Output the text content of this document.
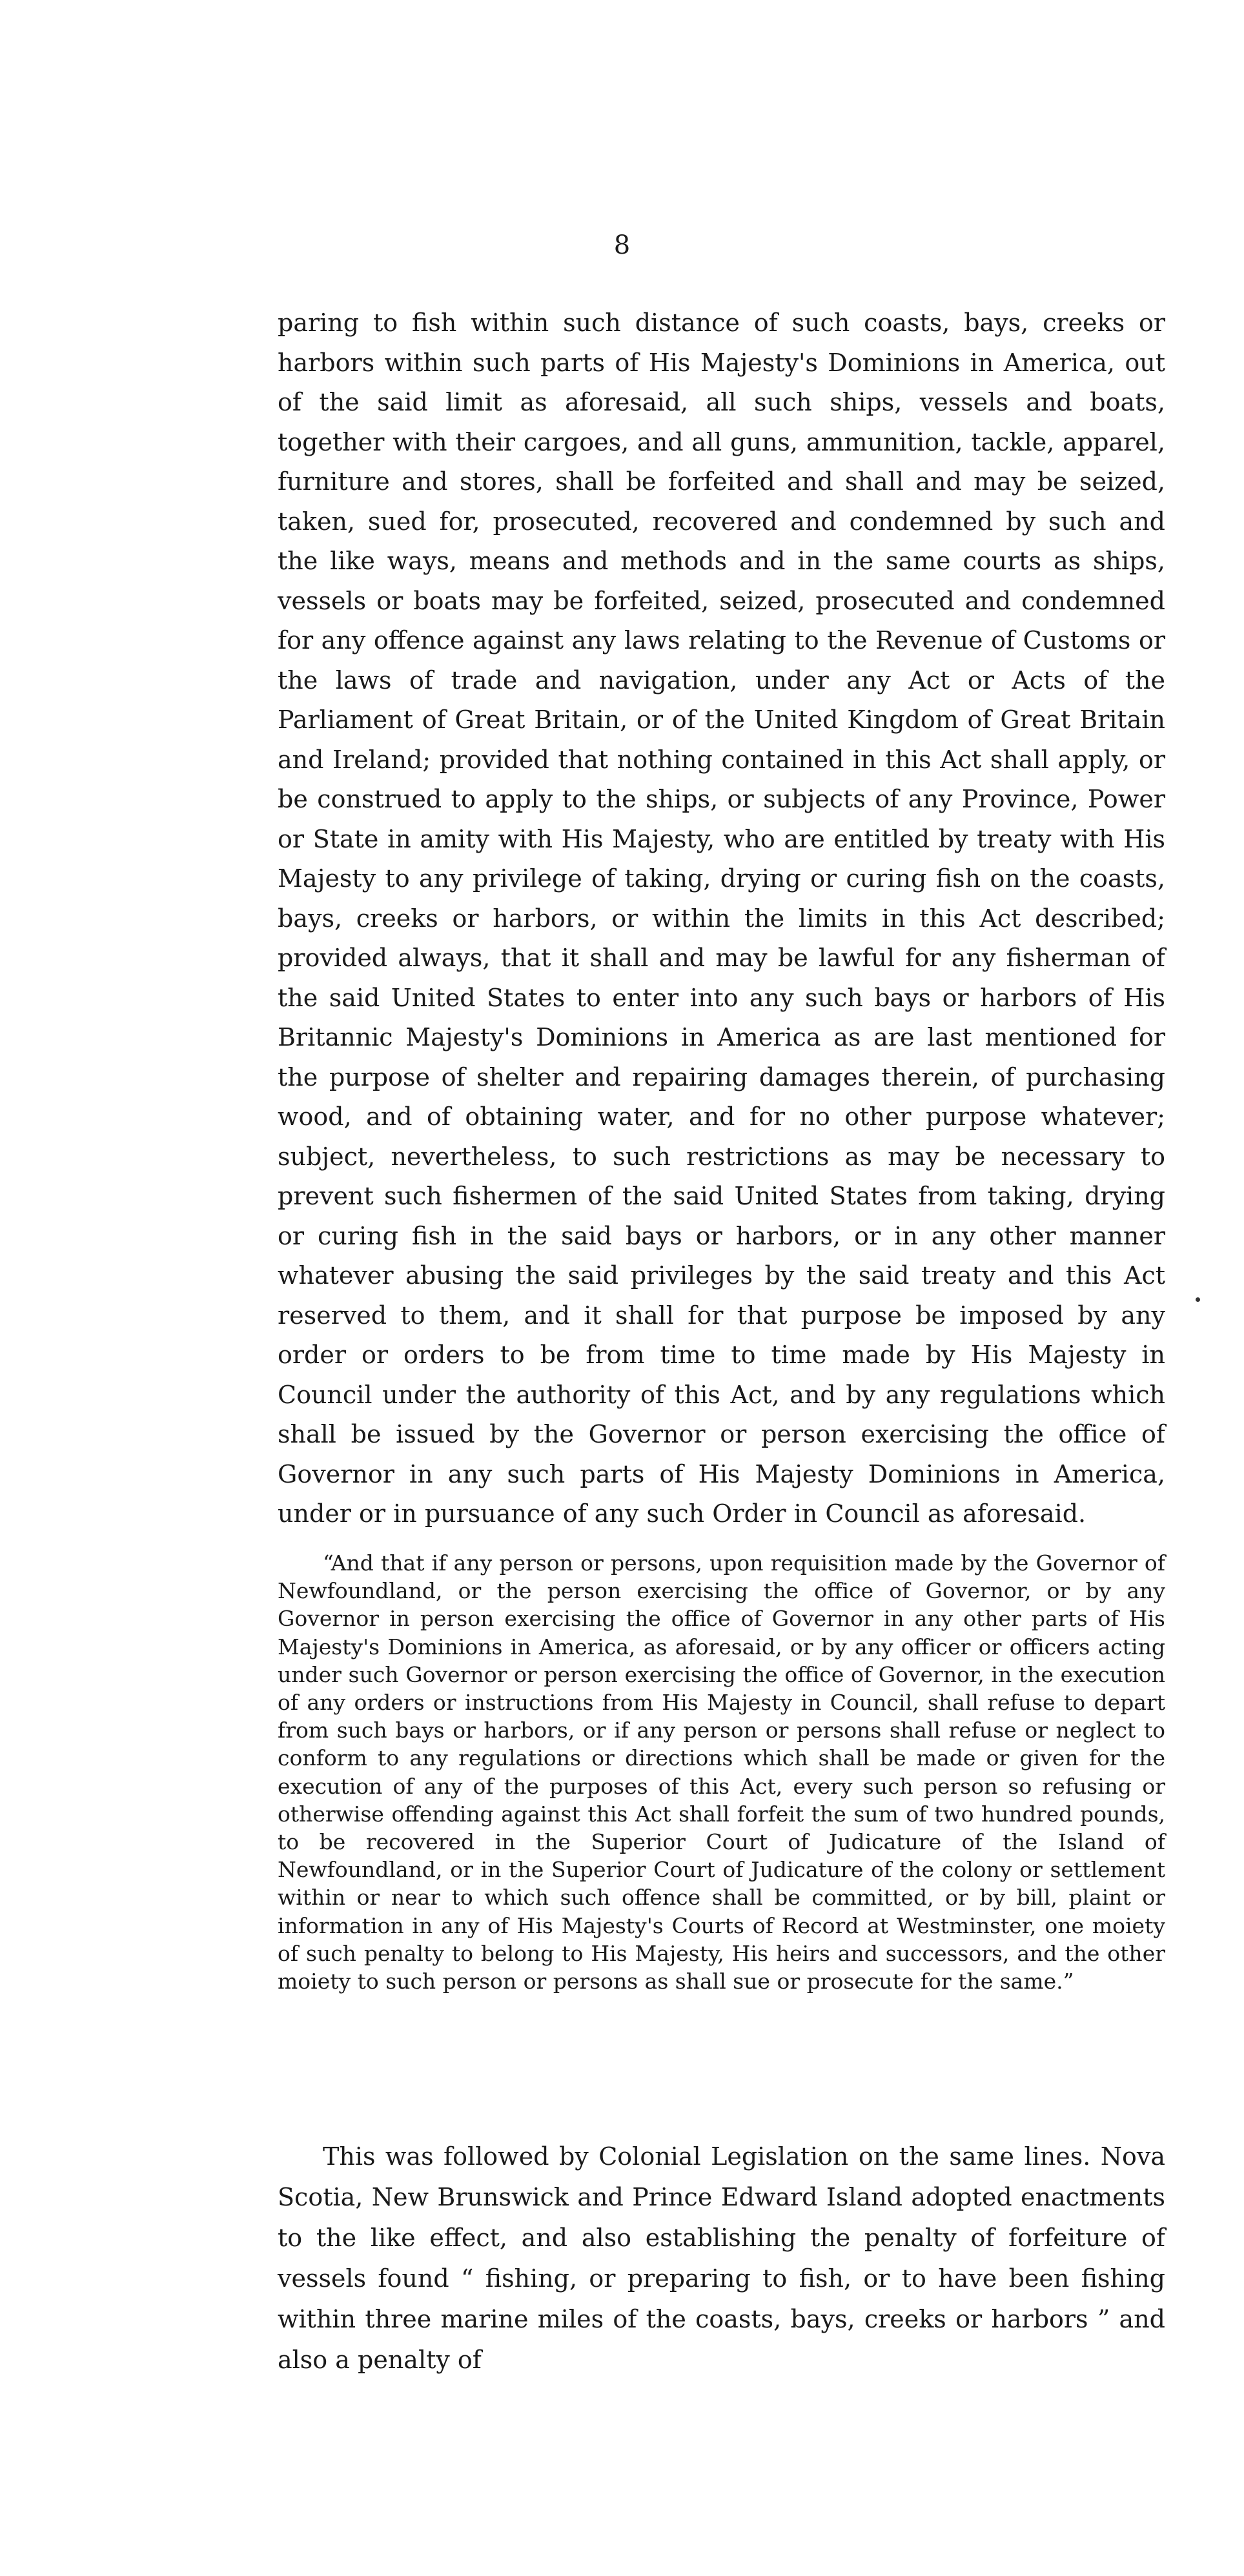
8

paring to fish within such distance of such coasts, bays, creeks or harbors within such parts of His Majesty's Dominions in America, out of the said limit as aforesaid, all such ships, vessels and boats, together with their cargoes, and all guns, ammunition, tackle, apparel, furniture and stores, shall be forfeited and shall and may be seized, taken, sued for, prosecuted, recovered and condemned by such and the like ways, means and methods and in the same courts as ships, vessels or boats may be forfeited, seized, prosecuted and condemned for any offence against any laws relating to the Revenue of Customs or the laws of trade and navigation, under any Act or Acts of the Parliament of Great Britain, or of the United Kingdom of Great Britain and Ireland; provided that nothing contained in this Act shall apply, or be construed to apply to the ships, or subjects of any Province, Power or State in amity with His Majesty, who are entitled by treaty with His Majesty to any privilege of taking, drying or curing fish on the coasts, bays, creeks or harbors, or within the limits in this Act described; provided always, that it shall and may be lawful for any fisherman of the said United States to enter into any such bays or harbors of His Britannic Majesty's Dominions in America as are last mentioned for the purpose of shelter and repairing damages therein, of purchasing wood, and of obtaining water, and for no other purpose whatever; subject, nevertheless, to such restrictions as may be necessary to prevent such fishermen of the said United States from taking, drying or curing fish in the said bays or harbors, or in any other manner whatever abusing the said privileges by the said treaty and this Act reserved to them, and it shall for that purpose be imposed by any order or orders to be from time to time made by His Majesty in Council under the authority of this Act, and by any regulations which shall be issued by the Governor or person exercising the office of Governor in any such parts of His Majesty Dominions in America, under or in pursuance of any such Order in Council as aforesaid.

“And that if any person or persons, upon requisition made by the Governor of Newfoundland, or the person exercising the office of Governor, or by any Governor in person exercising the office of Governor in any other parts of His Majesty's Dominions in America, as aforesaid, or by any officer or officers acting under such Governor or person exercising the office of Governor, in the execution of any orders or instructions from His Majesty in Council, shall refuse to depart from such bays or harbors, or if any person or persons shall refuse or neglect to conform to any regulations or directions which shall be made or given for the execution of any of the purposes of this Act, every such person so refusing or otherwise offending against this Act shall forfeit the sum of two hundred pounds, to be recovered in the Superior Court of Judicature of the Island of Newfoundland, or in the Superior Court of Judicature of the colony or settlement within or near to which such offence shall be committed, or by bill, plaint or information in any of His Majesty's Courts of Record at Westminster, one moiety of such penalty to belong to His Majesty, His heirs and successors, and the other moiety to such person or persons as shall sue or prosecute for the same.”

This was followed by Colonial Legislation on the same lines. Nova Scotia, New Brunswick and Prince Edward Island adopted enactments to the like effect, and also establishing the penalty of forfeiture of vessels found “ fishing, or preparing to fish, or to have been fishing within three marine miles of the coasts, bays, creeks or harbors ” and also a penalty of
